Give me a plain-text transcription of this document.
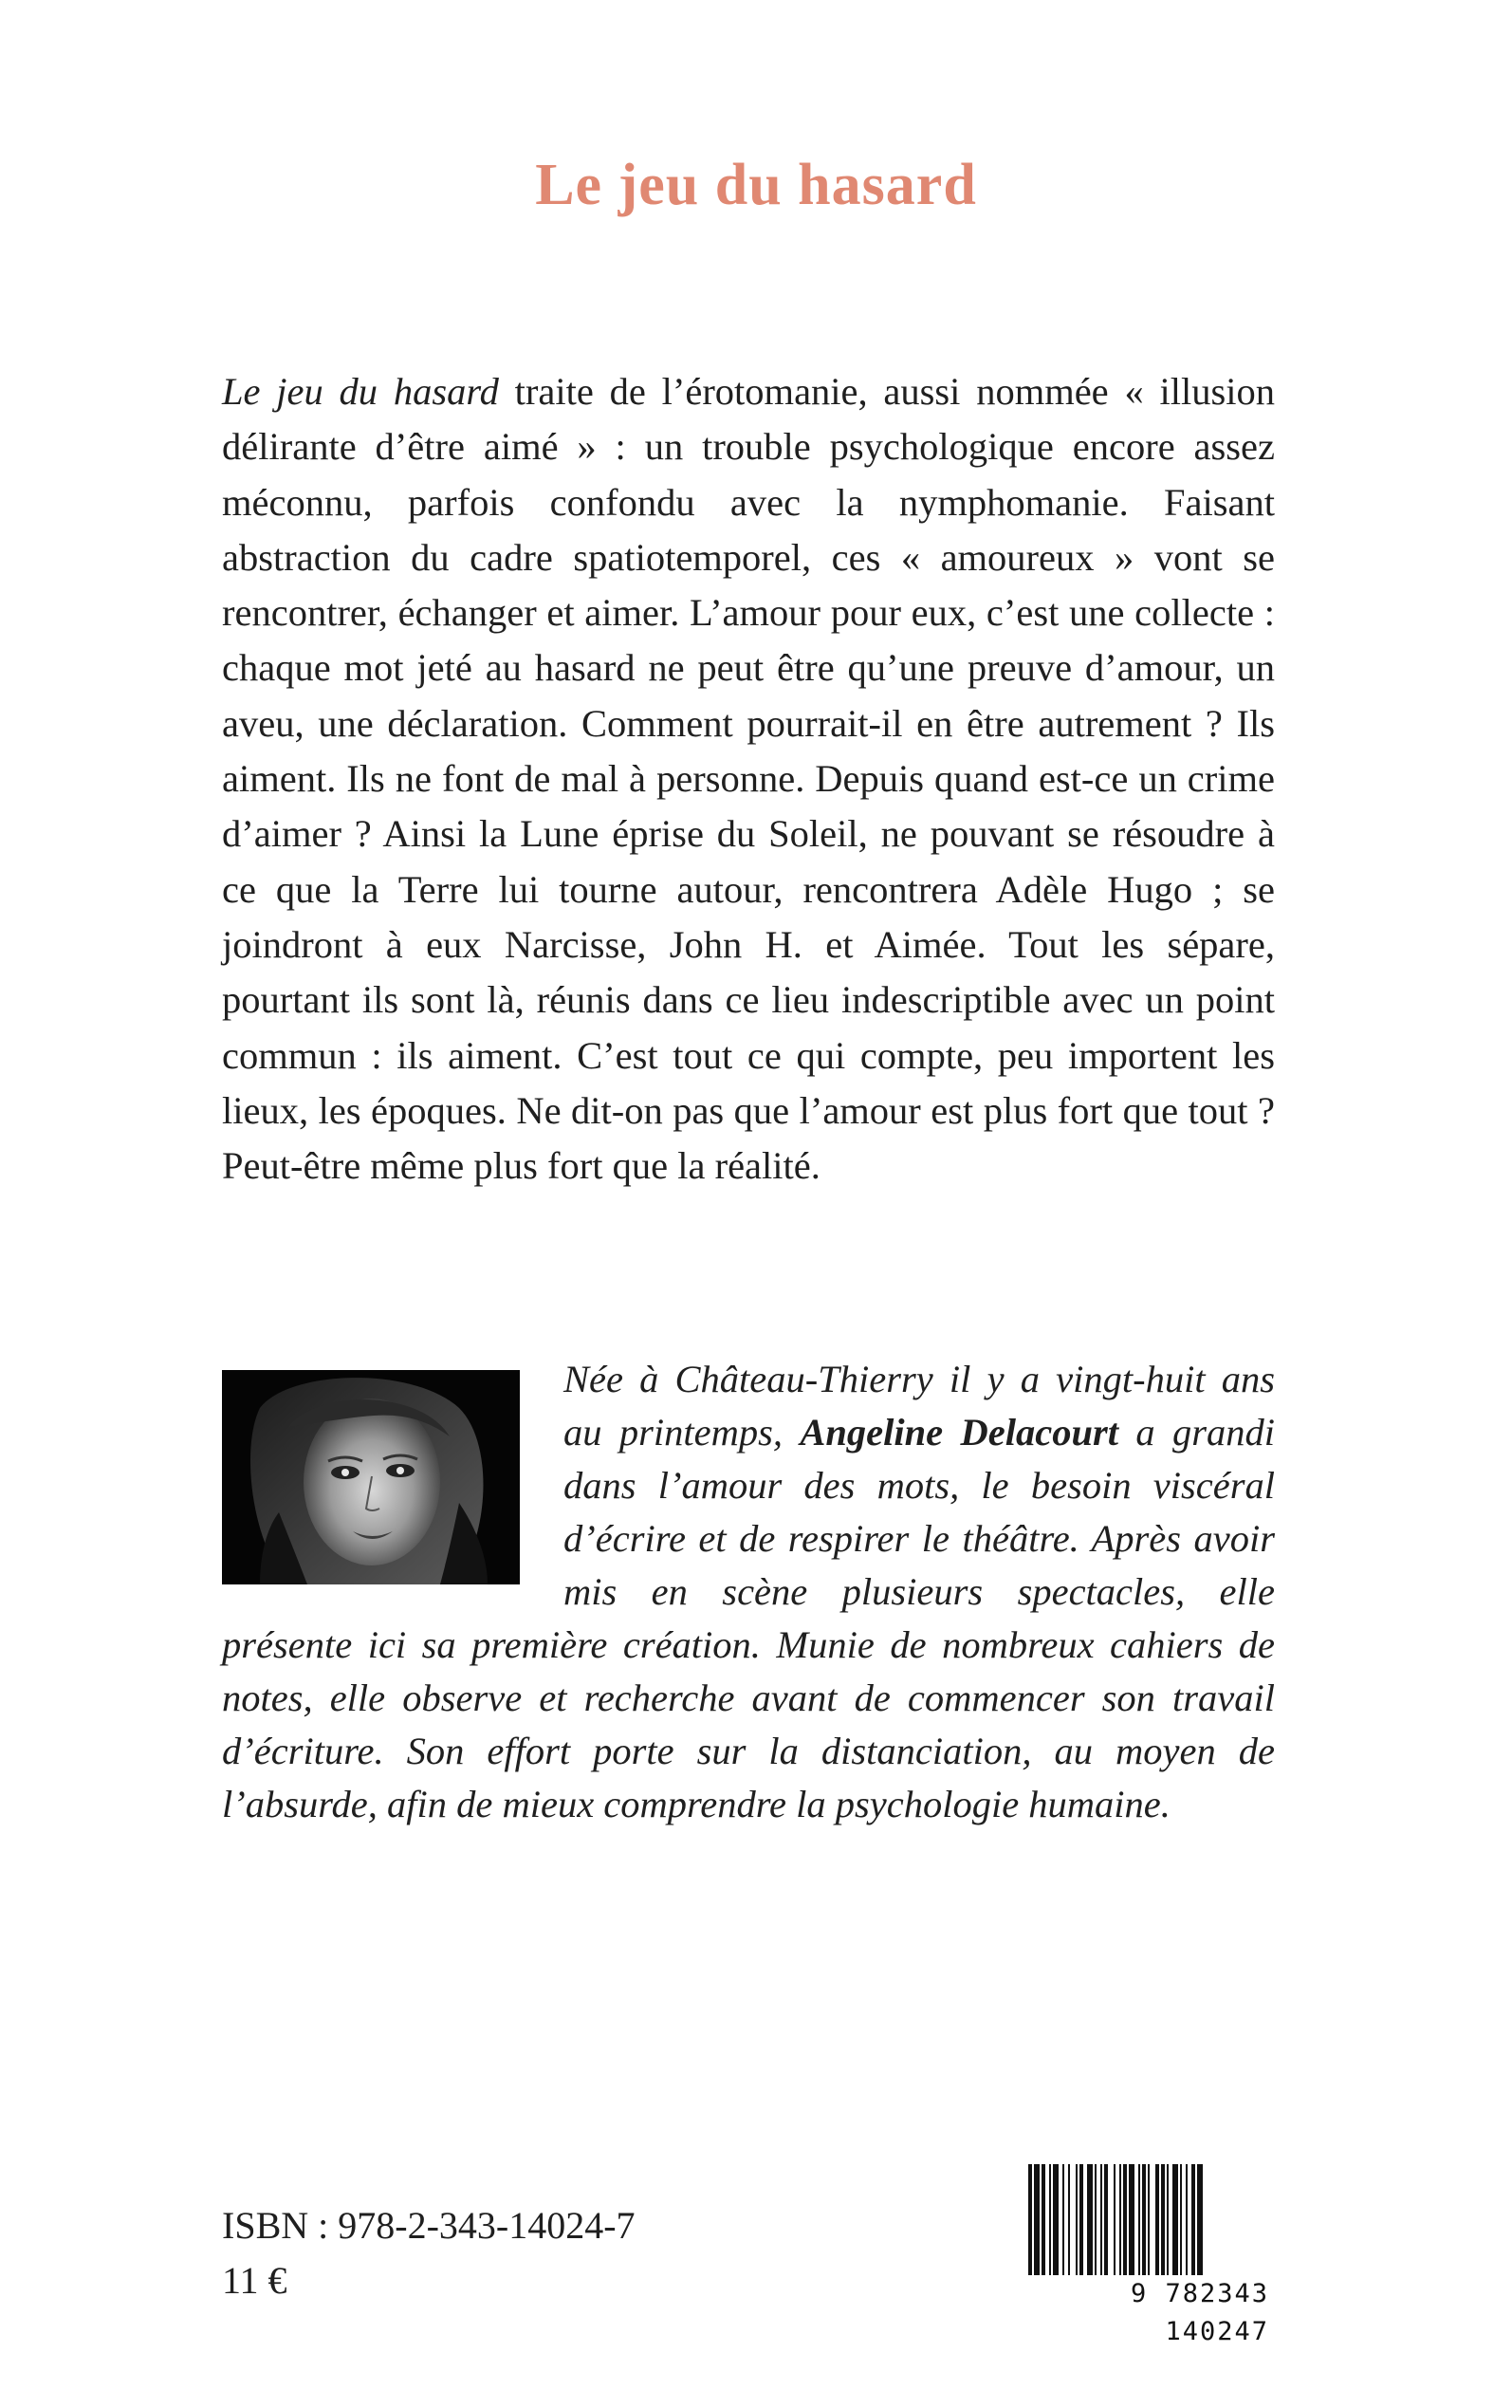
Le jeu du hasard

Le jeu du hasard traite de l’érotomanie, aussi nommée « illusion délirante d’être aimé » : un trouble psychologique encore assez méconnu, parfois confondu avec la nymphomanie. Faisant abstraction du cadre spatiotemporel, ces « amoureux » vont se rencontrer, échanger et aimer. L’amour pour eux, c’est une collecte : chaque mot jeté au hasard ne peut être qu’une preuve d’amour, un aveu, une déclaration. Comment pourrait-il en être autrement ? Ils aiment. Ils ne font de mal à personne. Depuis quand est-ce un crime d’aimer ? Ainsi la Lune éprise du Soleil, ne pouvant se résoudre à ce que la Terre lui tourne autour, rencontrera Adèle Hugo ; se joindront à eux Narcisse, John H. et Aimée. Tout les sépare, pourtant ils sont là, réunis dans ce lieu indescriptible avec un point commun : ils aiment. C’est tout ce qui compte, peu importent les lieux, les époques. Ne dit-on pas que l’amour est plus fort que tout ? Peut-être même plus fort que la réalité.

Née à Château-Thierry il y a vingt-huit ans au printemps, Angeline Delacourt a grandi dans l’amour des mots, le besoin viscéral d’écrire et de respirer le théâtre. Après avoir mis en scène plusieurs spectacles, elle présente ici sa première création. Munie de nombreux cahiers de notes, elle observe et recherche avant de commencer son travail d’écriture. Son effort porte sur la distanciation, au moyen de l’absurde, afin de mieux comprendre la psychologie humaine.

ISBN : 978-2-343-14024-7

11 €	9 782343 140247
